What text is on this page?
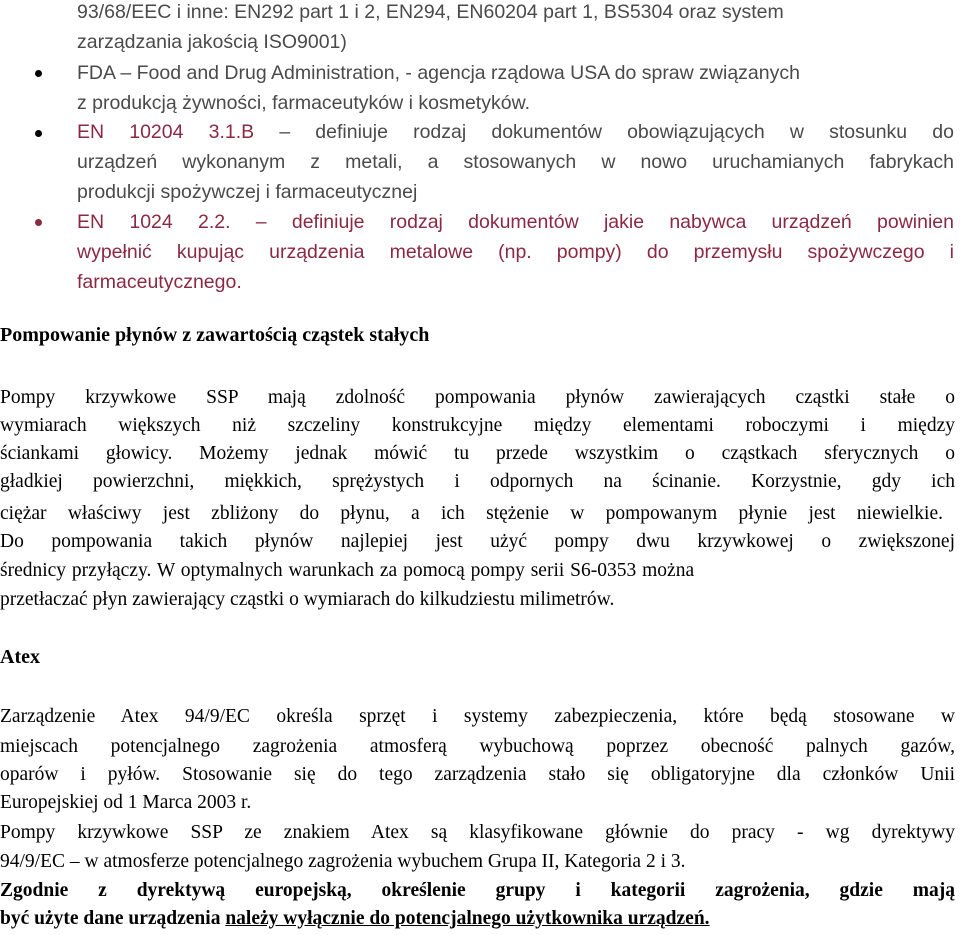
93/68/EEC i inne: EN292 part 1 i 2, EN294, EN60204 part 1, BS5304 oraz system
zarządzania jakością ISO9001)
FDA – Food and Drug Administration, - agencja rządowa USA do spraw związanych
z produkcją żywności, farmaceutyków i kosmetyków.
EN 10204 3.1.B – definiuje rodzaj dokumentów obowiązujących w stosunku do
urządzeń wykonanym z metali, a stosowanych w nowo uruchamianych fabrykach
produkcji spożywczej i farmaceutycznej
EN 1024 2.2. – definiuje rodzaj dokumentów jakie nabywca urządzeń powinien
wypełnić kupując urządzenia metalowe (np. pompy) do przemysłu spożywczego i
farmaceutycznego.
Pompowanie płynów z zawartością cząstek stałych
Pompy krzywkowe SSP mają zdolność pompowania płynów zawierających cząstki stałe o
wymiarach większych niż szczeliny konstrukcyjne między elementami roboczymi i między
ściankami głowicy. Możemy jednak mówić tu przede wszystkim o cząstkach sferycznych o
gładkiej powierzchni, miękkich, sprężystych i odpornych na ścinanie. Korzystnie, gdy ich
ciężar właściwy jest zbliżony do płynu, a ich stężenie w pompowanym płynie jest niewielkie.
Do pompowania takich płynów najlepiej jest użyć pompy dwu krzywkowej o zwiększonej
średnicy przyłączy. W optymalnych warunkach za pomocą pompy serii S6-0353 można
przetłaczać płyn zawierający cząstki o wymiarach do kilkudziestu milimetrów.
Atex
Zarządzenie Atex 94/9/EC określa sprzęt i systemy zabezpieczenia, które będą stosowane w
miejscach potencjalnego zagrożenia atmosferą wybuchową poprzez obecność palnych gazów,
oparów i pyłów. Stosowanie się do tego zarządzenia stało się obligatoryjne dla członków Unii
Europejskiej od 1 Marca 2003 r.
Pompy krzywkowe SSP ze znakiem Atex są klasyfikowane głównie do pracy - wg dyrektywy
94/9/EC – w atmosferze potencjalnego zagrożenia wybuchem Grupa II, Kategoria 2 i 3.
Zgodnie z dyrektywą europejską, określenie grupy i kategorii zagrożenia, gdzie mają
być użyte dane urządzenia należy wyłącznie do potencjalnego użytkownika urządzeń.
